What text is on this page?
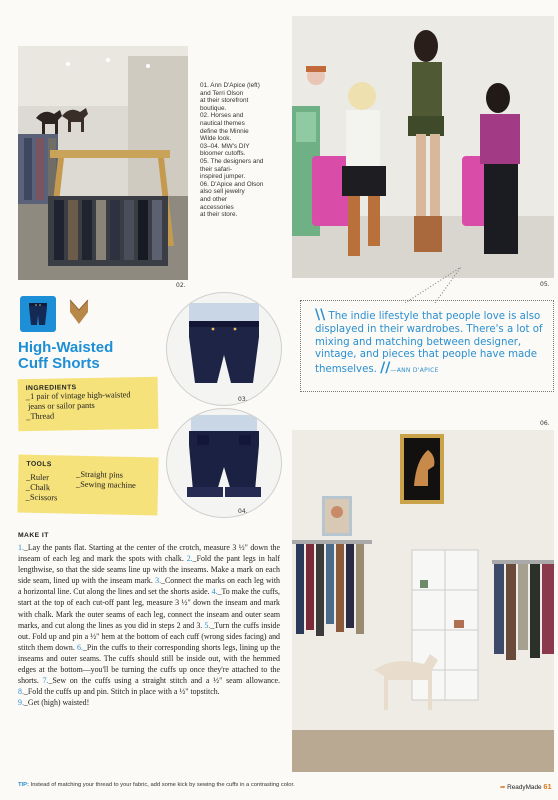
02.
01. Ann D'Apice (left)
and Terri Olson
at their storefront
boutique.
02. Horses and
nautical themes
define the Minnie
Wilde look.
03–04. MW's DIY
bloomer cutoffs.
05. The designers and
their safari-
inspired jumper.
06. D'Apice and Olson
also sell jewelry
and other
accessories
at their store.
05.
High-Waisted
Cuff Shorts
03.
04.
INGREDIENTS
_1 pair of vintage high-waisted
jeans or sailor pants
_Thread
TOOLS
_Ruler
_Chalk
_Scissors
_Straight pins
_Sewing machine
\\ The indie lifestyle that people love is also displayed in their wardrobes. There's a lot of mixing and matching between designer, vintage, and pieces that people have made themselves. //—ANN D'APICE
06.
MAKE IT
1._Lay the pants flat. Starting at the center of the crotch, measure 3 ½" down the inseam of each leg and mark the spots with chalk. 2._Fold the pant legs in half lengthwise, so that the side seams line up with the inseams. Make a mark on each side seam, lined up with the inseam mark. 3._Connect the marks on each leg with a horizontal line. Cut along the lines and set the shorts aside. 4._To make the cuffs, start at the top of each cut-off pant leg, measure 3 ½" down the inseam and mark with chalk. Mark the outer seams of each leg, connect the inseam and outer seam marks, and cut along the lines as you did in steps 2 and 3. 5._Turn the cuffs inside out. Fold up and pin a ½" hem at the bottom of each cuff (wrong sides facing) and stitch them down. 6._Pin the cuffs to their corresponding shorts legs, lining up the inseams and outer seams. The cuffs should still be inside out, with the hemmed edges at the bottom—you'll be turning the cuffs up once they're attached to the shorts. 7._Sew on the cuffs using a straight stitch and a ½" seam allowance. 8._Fold the cuffs up and pin. Stitch in place with a ½" topstitch.
9._Get (high) waisted!
TIP: Instead of matching your thread to your fabric, add some kick by sewing the cuffs in a contrasting color.	➦ ReadyMade 61
